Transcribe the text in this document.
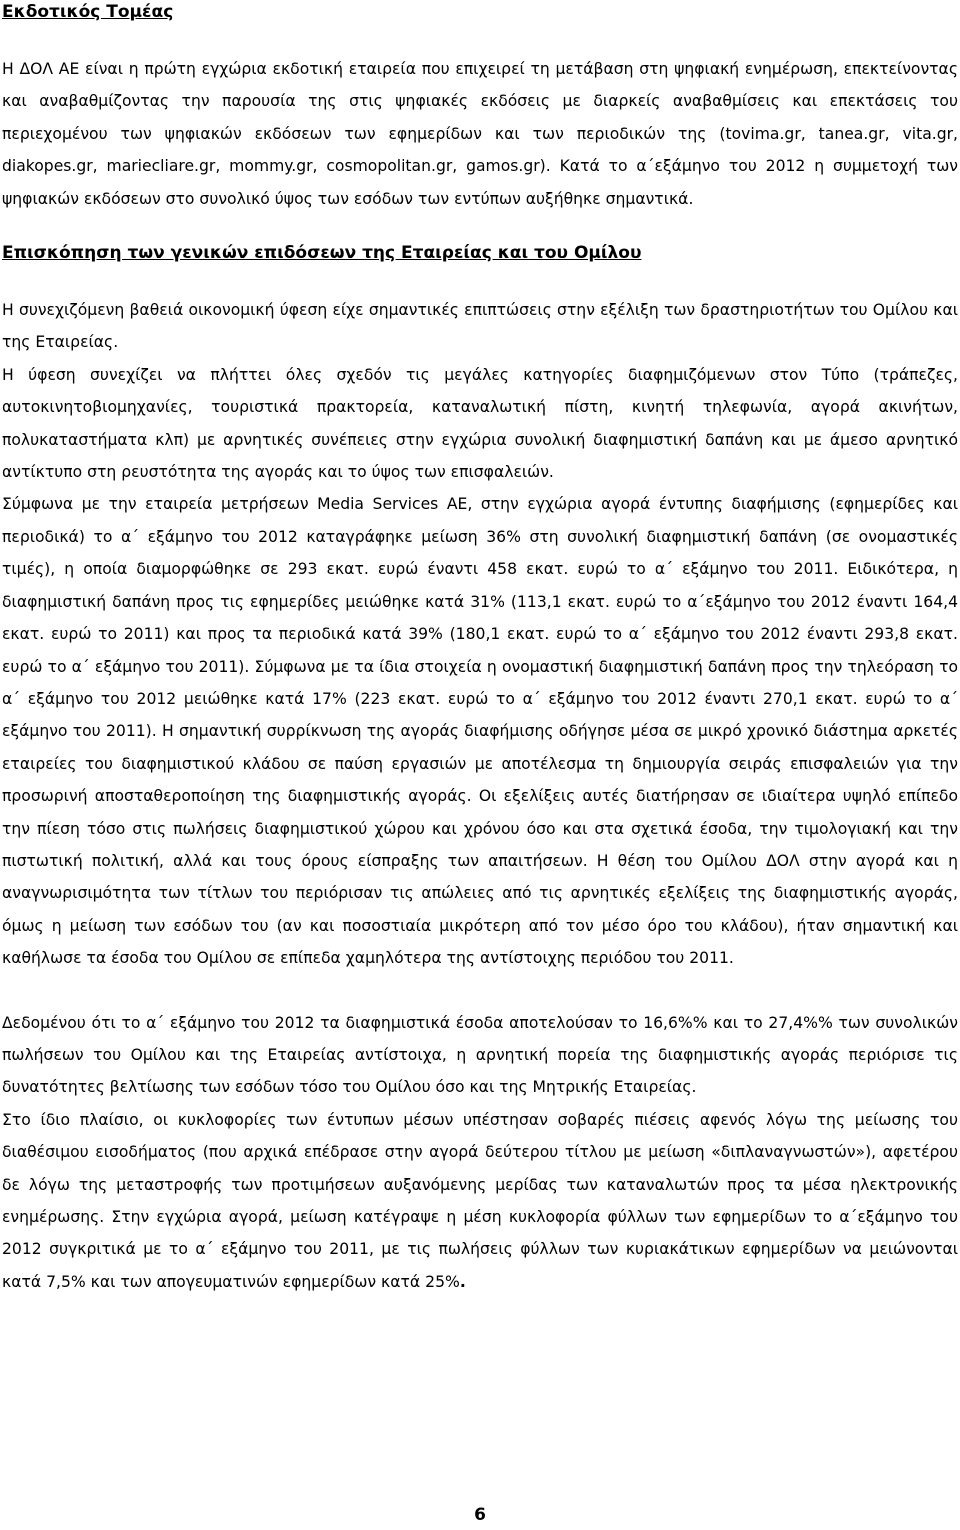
Εκδοτικός Τομέας

Η ΔΟΛ ΑΕ είναι η πρώτη εγχώρια εκδοτική εταιρεία που επιχειρεί τη μετάβαση στη ψηφιακή ενημέρωση, επεκτείνοντας και αναβαθμίζοντας την παρουσία της στις ψηφιακές εκδόσεις με διαρκείς αναβαθμίσεις και επεκτάσεις του περιεχομένου των ψηφιακών εκδόσεων των εφημερίδων και των περιοδικών της (tovima.gr, tanea.gr, vita.gr, diakopes.gr, mariecliare.gr, mommy.gr, cosmopolitan.gr, gamos.gr). Κατά το α΄εξάμηνο του 2012 η συμμετοχή των ψηφιακών εκδόσεων στο συνολικό ύψος των εσόδων των εντύπων αυξήθηκε σημαντικά.

Επισκόπηση των γενικών επιδόσεων της Εταιρείας και του Ομίλου

Η συνεχιζόμενη βαθειά οικονομική ύφεση είχε σημαντικές επιπτώσεις στην εξέλιξη των δραστηριοτήτων του Ομίλου και της Εταιρείας.

Η ύφεση συνεχίζει να πλήττει όλες σχεδόν τις μεγάλες κατηγορίες διαφημιζόμενων στον Τύπο (τράπεζες, αυτοκινητοβιομηχανίες, τουριστικά πρακτορεία, καταναλωτική πίστη, κινητή τηλεφωνία, αγορά ακινήτων, πολυκαταστήματα κλπ) με αρνητικές συνέπειες στην εγχώρια συνολική διαφημιστική δαπάνη και με άμεσο αρνητικό αντίκτυπο στη ρευστότητα της αγοράς και το ύψος των επισφαλειών.

Σύμφωνα με την εταιρεία μετρήσεων Media Services AE, στην εγχώρια αγορά έντυπης διαφήμισης (εφημερίδες και περιοδικά) το α΄ εξάμηνο του 2012 καταγράφηκε μείωση 36% στη συνολική διαφημιστική δαπάνη (σε ονομαστικές τιμές), η οποία διαμορφώθηκε σε 293 εκατ. ευρώ έναντι 458 εκατ. ευρώ το α΄ εξάμηνο του 2011. Ειδικότερα, η διαφημιστική δαπάνη προς τις εφημερίδες μειώθηκε κατά 31% (113,1 εκατ. ευρώ το α΄εξάμηνο του 2012 έναντι 164,4 εκατ. ευρώ το 2011) και προς τα περιοδικά κατά 39% (180,1 εκατ. ευρώ το α΄ εξάμηνο του 2012 έναντι 293,8 εκατ. ευρώ το α΄ εξάμηνο του 2011). Σύμφωνα με τα ίδια στοιχεία η ονομαστική διαφημιστική δαπάνη προς την τηλεόραση το α΄ εξάμηνο του 2012 μειώθηκε κατά 17% (223 εκατ. ευρώ το α΄ εξάμηνο του 2012 έναντι 270,1 εκατ. ευρώ το α΄ εξάμηνο του 2011). Η σημαντική συρρίκνωση της αγοράς διαφήμισης οδήγησε μέσα σε μικρό χρονικό διάστημα αρκετές εταιρείες του διαφημιστικού κλάδου σε παύση εργασιών με αποτέλεσμα τη δημιουργία σειράς επισφαλειών για την προσωρινή αποσταθεροποίηση της διαφημιστικής αγοράς. Οι εξελίξεις αυτές διατήρησαν σε ιδιαίτερα υψηλό επίπεδο την πίεση τόσο στις πωλήσεις διαφημιστικού χώρου και χρόνου όσο και στα σχετικά έσοδα, την τιμολογιακή και την πιστωτική πολιτική, αλλά και τους όρους είσπραξης των απαιτήσεων. Η θέση του Ομίλου ΔΟΛ στην αγορά και η αναγνωρισιμότητα των τίτλων του περιόρισαν τις απώλειες από τις αρνητικές εξελίξεις της διαφημιστικής αγοράς, όμως η μείωση των εσόδων του (αν και ποσοστιαία μικρότερη από τον μέσο όρο του κλάδου), ήταν σημαντική και καθήλωσε τα έσοδα του Ομίλου σε επίπεδα χαμηλότερα της αντίστοιχης περιόδου του 2011.

Δεδομένου ότι το α΄ εξάμηνο του 2012 τα διαφημιστικά έσοδα αποτελούσαν το 16,6%% και το 27,4%% των συνολικών πωλήσεων του Ομίλου και της Εταιρείας αντίστοιχα, η αρνητική πορεία της διαφημιστικής αγοράς περιόρισε τις δυνατότητες βελτίωσης των εσόδων τόσο του Ομίλου όσο και της Μητρικής Εταιρείας.

Στο ίδιο πλαίσιο, οι κυκλοφορίες των έντυπων μέσων υπέστησαν σοβαρές πιέσεις αφενός λόγω της μείωσης του διαθέσιμου εισοδήματος (που αρχικά επέδρασε στην αγορά δεύτερου τίτλου με μείωση «διπλαναγνωστών»), αφετέρου δε λόγω της μεταστροφής των προτιμήσεων αυξανόμενης μερίδας των καταναλωτών προς τα μέσα ηλεκτρονικής ενημέρωσης. Στην εγχώρια αγορά, μείωση κατέγραψε η μέση κυκλοφορία φύλλων των εφημερίδων το α΄εξάμηνο του 2012 συγκριτικά με το α΄ εξάμηνο του 2011, με τις πωλήσεις φύλλων των κυριακάτικων εφημερίδων να μειώνονται κατά 7,5% και των απογευματινών εφημερίδων κατά 25%.

6
